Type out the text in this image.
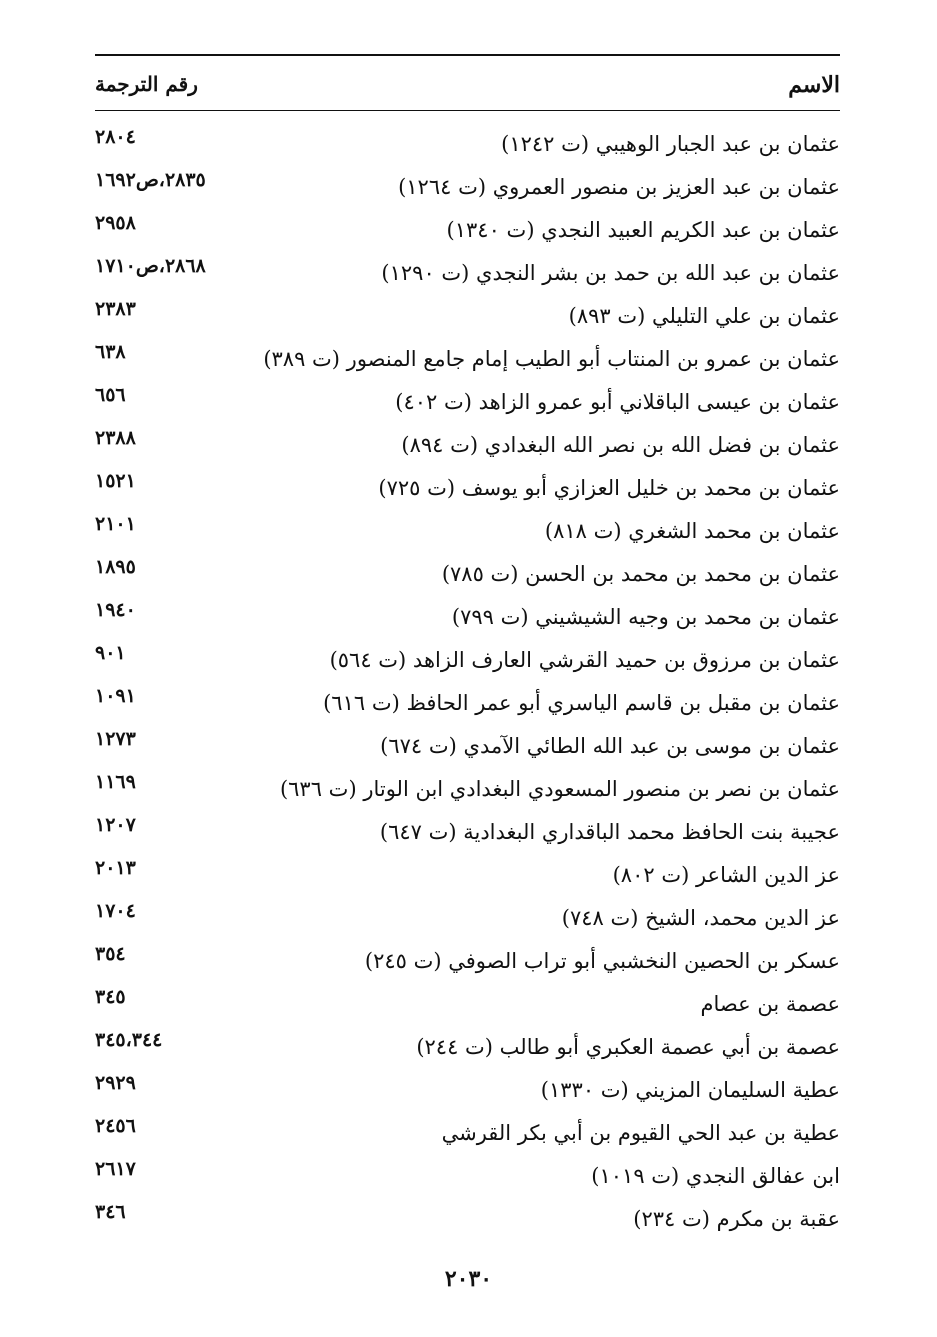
الاسم
رقم الترجمة
عثمان بن عبد الجبار الوهيبي (ت ١٢٤٢)
٢٨٠٤
عثمان بن عبد العزيز بن منصور العمروي (ت ١٢٦٤)
٢٨٣٥،ص١٦٩٢
عثمان بن عبد الكريم العبيد النجدي (ت ١٣٤٠)
٢٩٥٨
عثمان بن عبد الله بن حمد بن بشر النجدي (ت ١٢٩٠)
٢٨٦٨،ص١٧١٠
عثمان بن علي التليلي (ت ٨٩٣)
٢٣٨٣
عثمان بن عمرو بن المنتاب أبو الطيب إمام جامع المنصور (ت ٣٨٩)
٦٣٨
عثمان بن عيسى الباقلاني أبو عمرو الزاهد (ت ٤٠٢)
٦٥٦
عثمان بن فضل الله بن نصر الله البغدادي (ت ٨٩٤)
٢٣٨٨
عثمان بن محمد بن خليل العزازي أبو يوسف (ت ٧٢٥)
١٥٢١
عثمان بن محمد الشغري (ت ٨١٨)
٢١٠١
عثمان بن محمد بن محمد بن الحسن (ت ٧٨٥)
١٨٩٥
عثمان بن محمد بن وجيه الشيشيني (ت ٧٩٩)
١٩٤٠
عثمان بن مرزوق بن حميد القرشي العارف الزاهد (ت ٥٦٤)
٩٠١
عثمان بن مقبل بن قاسم الياسري أبو عمر الحافظ (ت ٦١٦)
١٠٩١
عثمان بن موسى بن عبد الله الطائي الآمدي (ت ٦٧٤)
١٢٧٣
عثمان بن نصر بن منصور المسعودي البغدادي ابن الوتار (ت ٦٣٦)
١١٦٩
عجيبة بنت الحافظ محمد الباقداري البغدادية (ت ٦٤٧)
١٢٠٧
عز الدين الشاعر (ت ٨٠٢)
٢٠١٣
عز الدين محمد، الشيخ (ت ٧٤٨)
١٧٠٤
عسكر بن الحصين النخشبي أبو تراب الصوفي (ت ٢٤٥)
٣٥٤
عصمة بن عصام
٣٤٥
عصمة بن أبي عصمة العكبري أبو طالب (ت ٢٤٤)
٣٤٥،٣٤٤
عطية السليمان المزيني (ت ١٣٣٠)
٢٩٢٩
عطية بن عبد الحي القيوم بن أبي بكر القرشي
٢٤٥٦
ابن عفالق النجدي (ت ١٠١٩)
٢٦١٧
عقبة بن مكرم (ت ٢٣٤)
٣٤٦
٢٠٣٠
